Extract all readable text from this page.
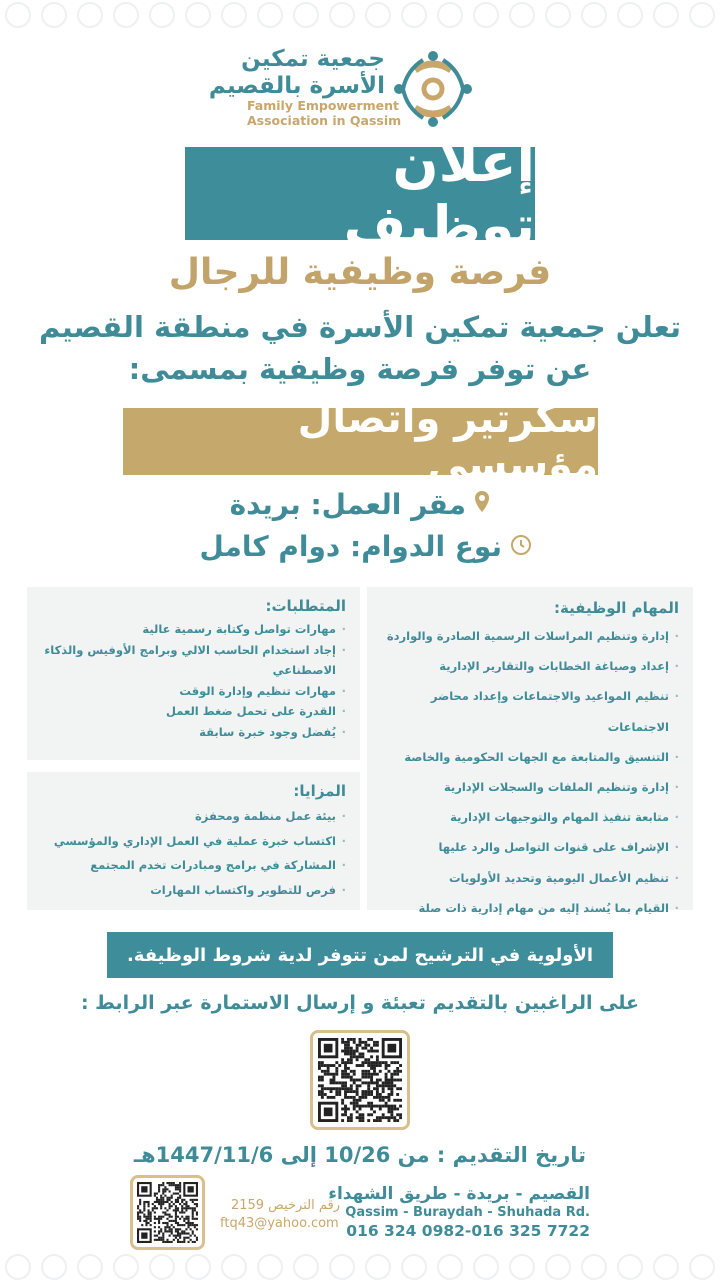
جمعية تمكين
الأسرة بالقصيم
Family Empowerment
Association in Qassim
إعلان توظيف
فرصة وظيفية للرجال
تعلن جمعية تمكين الأسرة في منطقة القصيم
عن توفر فرصة وظيفية بمسمى:
سكرتير واتصال مؤسسي
مقر العمل: بريدة
نوع الدوام: دوام كامل
المهام الوظيفية:
· إدارة وتنظيم المراسلات الرسمية الصادرة والواردة
· إعداد وصياغة الخطابات والتقارير الإدارية
· تنظيم المواعيد والاجتماعات وإعداد محاضر الاجتماعات
· التنسيق والمتابعة مع الجهات الحكومية والخاصة
· إدارة وتنظيم الملفات والسجلات الإدارية
· متابعة تنفيذ المهام والتوجيهات الإدارية
· الإشراف على قنوات التواصل والرد عليها
· تنظيم الأعمال اليومية وتحديد الأولويات
· القيام بما يُسند إليه من مهام إدارية ذات صلة
المتطلبات:
· مهارات تواصل وكتابة رسمية عالية
· إجاد استخدام الحاسب الالي وبرامج الأوفيس والذكاء الاصطناعي
· مهارات تنظيم وإدارة الوقت
· القدرة على تحمل ضغط العمل
· يُفضل وجود خبرة سابقة
المزايا:
· بيئة عمل منظمة ومحفزة
· اكتساب خبرة عملية في العمل الإداري والمؤسسي
· المشاركة في برامج ومبادرات تخدم المجتمع
· فرص للتطوير واكتساب المهارات
الأولوية في الترشيح لمن تتوفر لدية شروط الوظيفة.
على الراغبين بالتقديم تعبئة و إرسال الاستمارة عبر الرابط :
تاريخ التقديم : من 10/26 إلى 1447/11/6هـ
رقم الترخيص 2159
ftq43@yahoo.com
القصيم - بريدة - طريق الشهداء
Qassim - Buraydah - Shuhada Rd.
016 324 0982-016 325 7722
